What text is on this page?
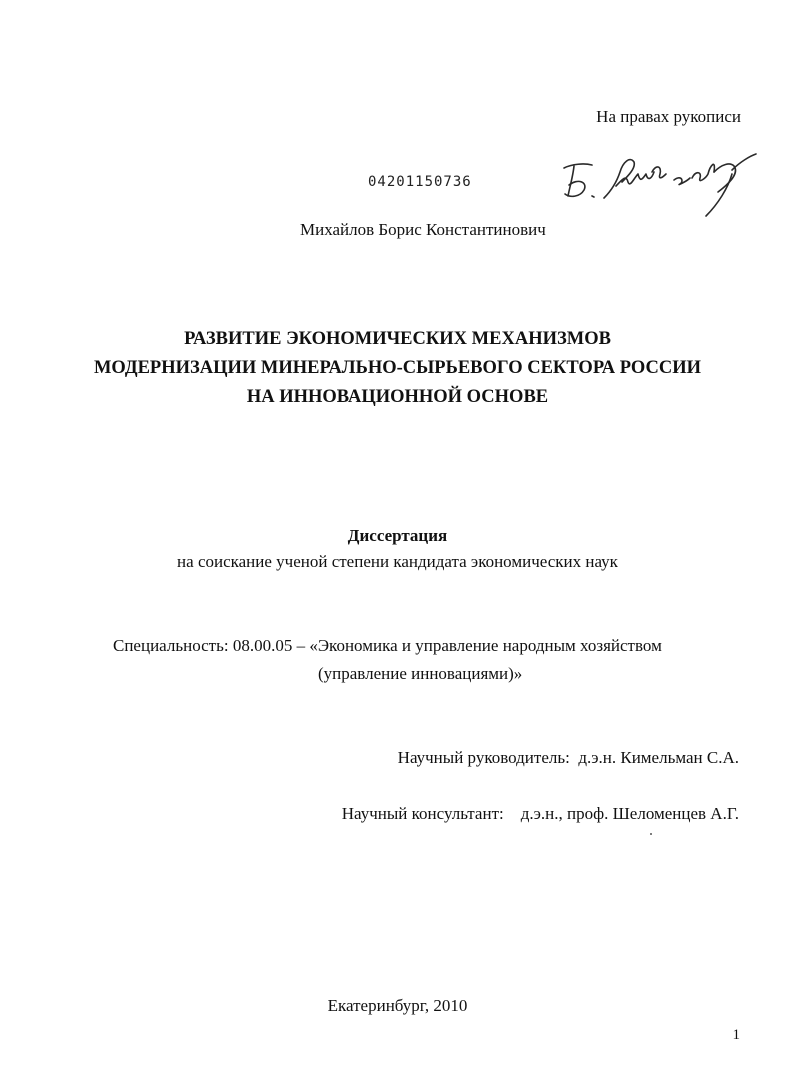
На правах рукописи
04201150736
Михайлов Борис Константинович
РАЗВИТИЕ ЭКОНОМИЧЕСКИХ МЕХАНИЗМОВ
МОДЕРНИЗАЦИИ МИНЕРАЛЬНО-СЫРЬЕВОГО СЕКТОРА РОССИИ
НА ИННОВАЦИОННОЙ ОСНОВЕ
Диссертация
на соискание ученой степени кандидата экономических наук
Специальность: 08.00.05 – «Экономика и управление народным хозяйством
(управление инновациями)»
Научный руководитель:  д.э.н. Кимельман С.А.
Научный консультант:    д.э.н., проф. Шеломенцев А.Г.
Екатеринбург, 2010
1
